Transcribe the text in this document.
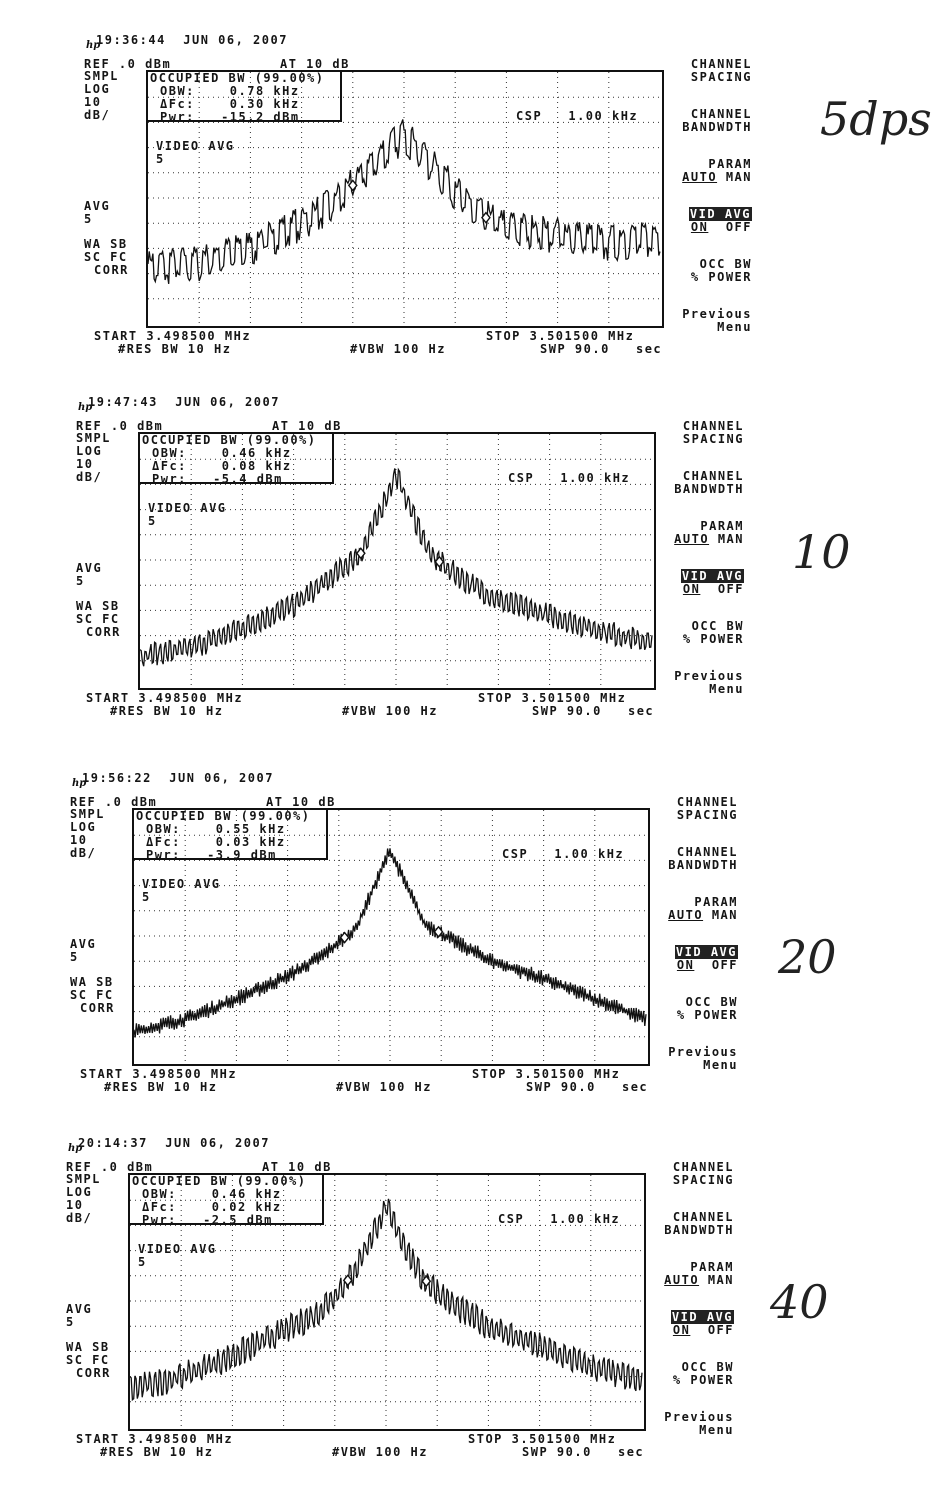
hp
19:36:44  JUN 06, 2007
REF .0 dBm	AT 10 dB
SMPL
LOG
10
dB/
AVG
5
WA SB
SC FC
CORR
OCCUPIED BW (99.00%)
OBW:    0.78 kHz
ΔFc:    0.30 kHz
Pwr:   -15.2 dBm	CSP   1.00 kHz
VIDEO AVG
5
START 3.498500 MHz
#RES BW 10 Hz	#VBW 100 Hz
STOP 3.501500 MHz
SWP 90.0   sec
CHANNEL
SPACING
CHANNEL
BANDWDTH
PARAM
AUTO MAN
VID AVG
ON OFF
OCC BW
% POWER
Previous
Menu
5dps
hp
19:47:43  JUN 06, 2007
REF .0 dBm	AT 10 dB
SMPL
LOG
10
dB/
AVG
5
WA SB
SC FC
CORR
OCCUPIED BW (99.00%)
OBW:    0.46 kHz
ΔFc:    0.08 kHz
Pwr:   -5.4 dBm	CSP   1.00 kHz
VIDEO AVG
5
START 3.498500 MHz
#RES BW 10 Hz	#VBW 100 Hz
STOP 3.501500 MHz
SWP 90.0   sec
CHANNEL
SPACING
CHANNEL
BANDWDTH
PARAM
AUTO MAN
VID AVG
ON OFF
OCC BW
% POWER
Previous
Menu
10
hp
19:56:22  JUN 06, 2007
REF .0 dBm	AT 10 dB
SMPL
LOG
10
dB/
AVG
5
WA SB
SC FC
CORR
OCCUPIED BW (99.00%)
OBW:    0.55 kHz
ΔFc:    0.03 kHz
Pwr:   -3.9 dBm	CSP   1.00 kHz
VIDEO AVG
5
START 3.498500 MHz
#RES BW 10 Hz	#VBW 100 Hz
STOP 3.501500 MHz
SWP 90.0   sec
CHANNEL
SPACING
CHANNEL
BANDWDTH
PARAM
AUTO MAN
VID AVG
ON OFF
OCC BW
% POWER
Previous
Menu
20
hp
20:14:37  JUN 06, 2007
REF .0 dBm	AT 10 dB
SMPL
LOG
10
dB/
AVG
5
WA SB
SC FC
CORR
OCCUPIED BW (99.00%)
OBW:    0.46 kHz
ΔFc:    0.02 kHz
Pwr:   -2.5 dBm	CSP   1.00 kHz
VIDEO AVG
5
START 3.498500 MHz
#RES BW 10 Hz	#VBW 100 Hz
STOP 3.501500 MHz
SWP 90.0   sec
CHANNEL
SPACING
CHANNEL
BANDWDTH
PARAM
AUTO MAN
VID AVG
ON OFF
OCC BW
% POWER
Previous
Menu
40
